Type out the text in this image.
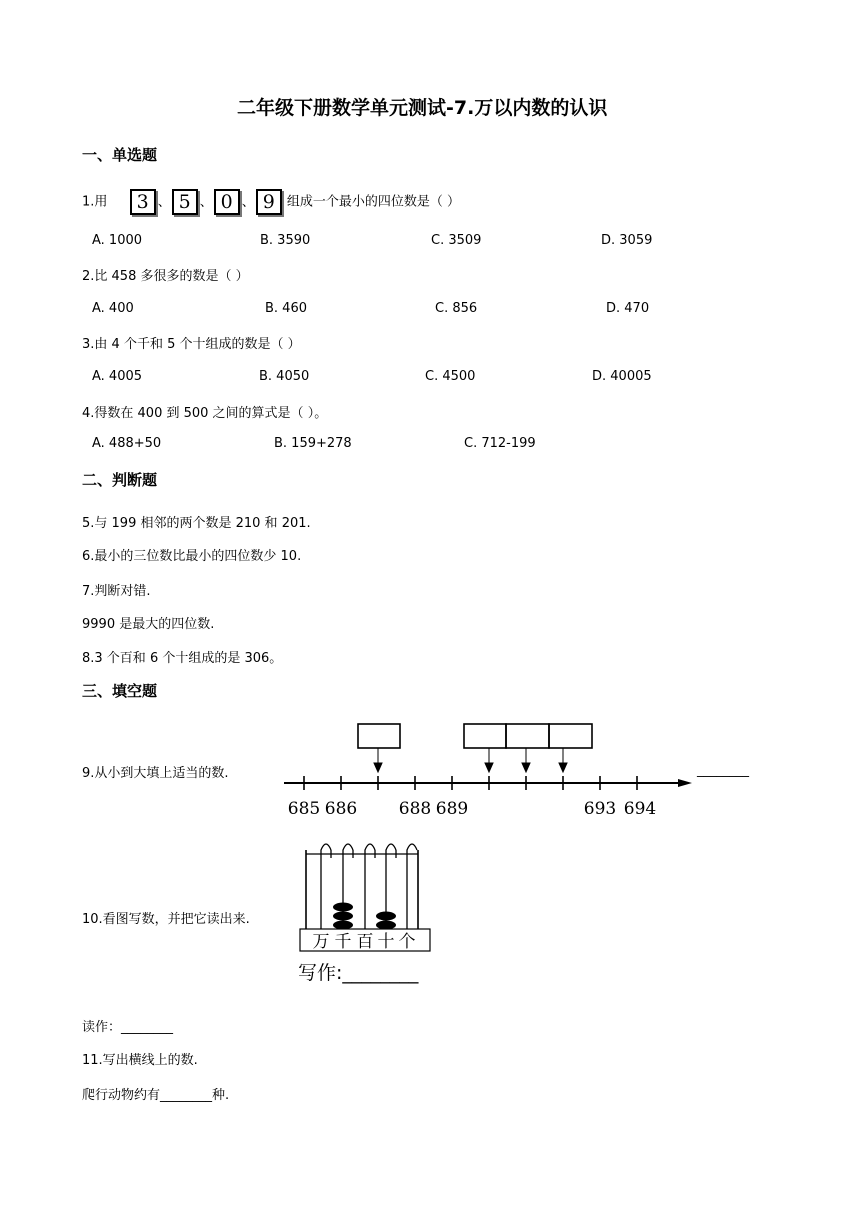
二年级下册数学单元测试-7.万以内数的认识
一、单选题
1.用 3 、 5 、 0 、 9 组成一个最小的四位数是（ ）
A. 1000	B. 3590	C. 3509	D. 3059
2.比 458 多很多的数是（ ）
A. 400	B. 460	C. 856	D. 470
3.由 4 个千和 5 个十组成的数是（ ）
A. 4005	B. 4050	C. 4500	D. 40005
4.得数在 400 到 500 之间的算式是（ ）。
A. 488+50	B. 159+278	C. 712-199
二、判断题
5.与 199 相邻的两个数是 210 和 201.
6.最小的三位数比最小的四位数少 10.
7.判断对错.
9990 是最大的四位数.
8.3 个百和 6 个十组成的是 306。
三、填空题
9.从小到大填上适当的数.
685 686 688 689	693 694
________
10.看图写数，并把它读出来.
万 千 百 十 个
写作:________
读作：________
11.写出横线上的数.
爬行动物约有________种.
